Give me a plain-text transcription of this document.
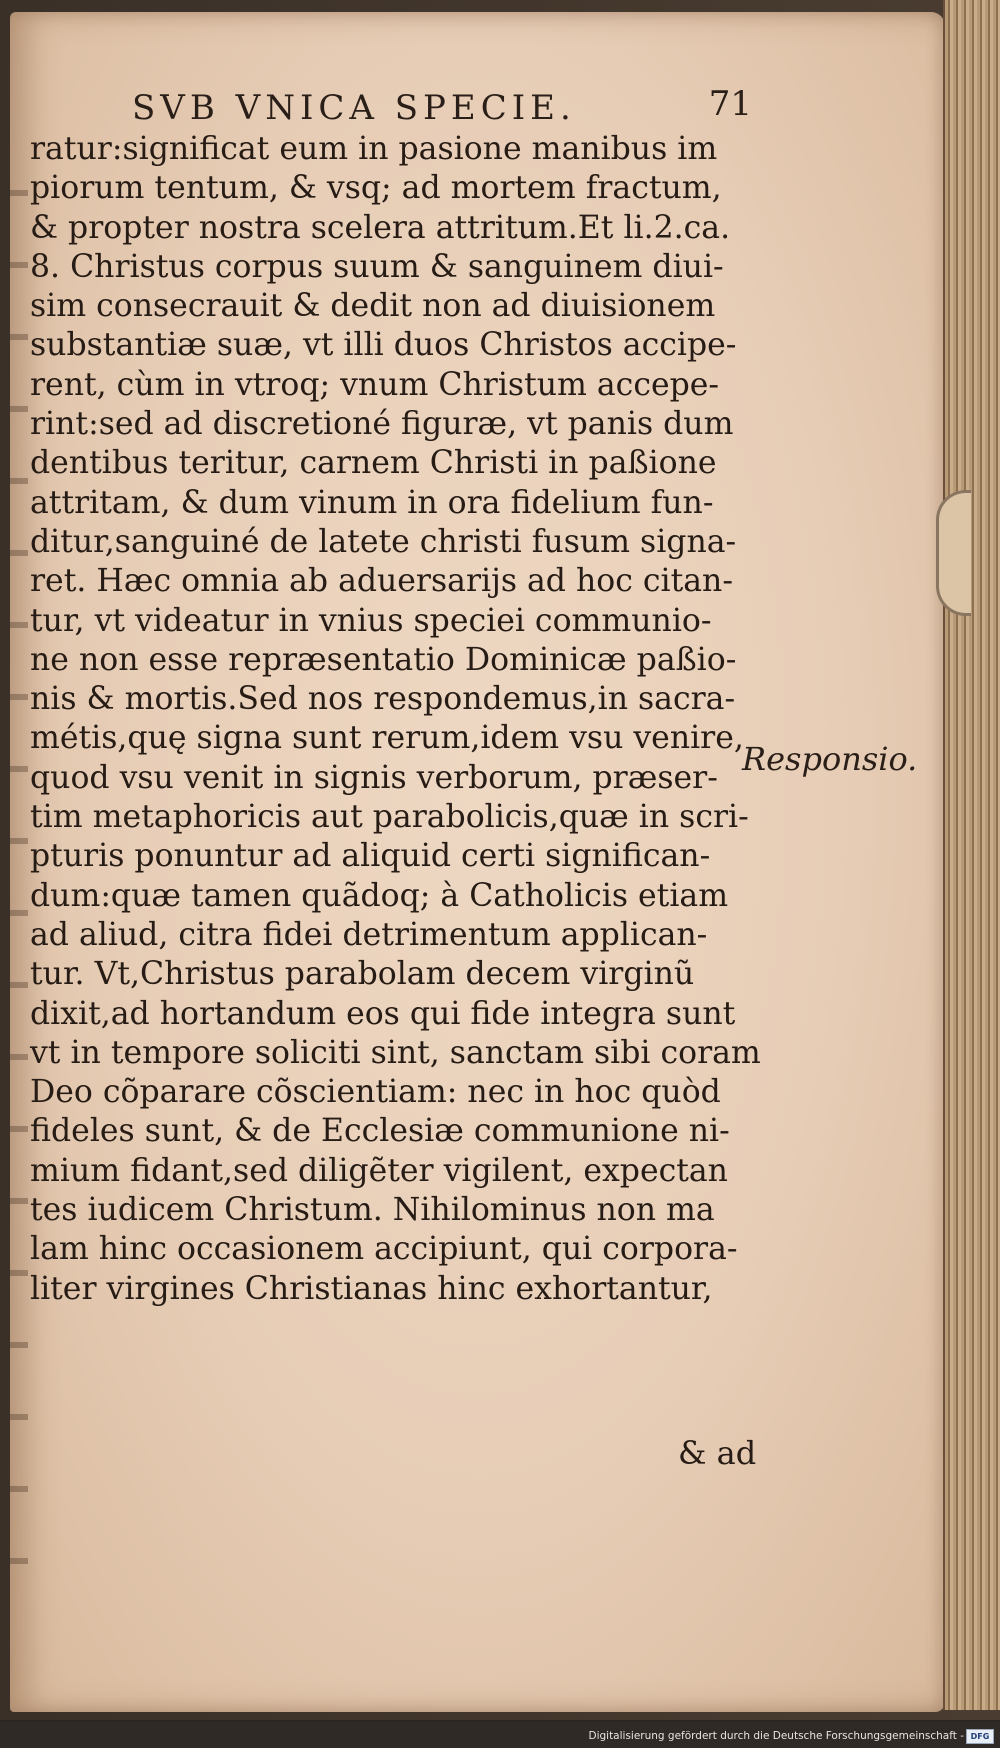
SVB VNICA SPECIE.	71
ratur:significat eum in pasione manibus im
piorum tentum, & vsq; ad mortem fractum,
& propter nostra scelera attritum.Et li.2.ca.
8. Christus corpus suum & sanguinem diui-
sim consecrauit & dedit non ad diuisionem
substantiæ suæ, vt illi duos Christos accipe-
rent, cùm in vtroq; vnum Christum accepe-
rint:sed ad discretioné figuræ, vt panis dum
dentibus teritur, carnem Christi in paßione
attritam, & dum vinum in ora fidelium fun-
ditur,sanguiné de latete christi fusum signa-
ret. Hæc omnia ab aduersarijs ad hoc citan-
tur, vt videatur in vnius speciei communio-
ne non esse repræsentatio Dominicæ paßio-
nis & mortis.Sed nos respondemus,in sacra-
métis,quę signa sunt rerum,idem vsu venire,
quod vsu venit in signis verborum, præser-
tim metaphoricis aut parabolicis,quæ in scri-
pturis ponuntur ad aliquid certi significan-
dum:quæ tamen quãdoq; à Catholicis etiam
ad aliud, citra fidei detrimentum applican-
tur. Vt,Christus parabolam decem virginũ
dixit,ad hortandum eos qui fide integra sunt
vt in tempore soliciti sint, sanctam sibi coram
Deo cõparare cõscientiam: nec in hoc quòd
fideles sunt, & de Ecclesiæ communione ni-
mium fidant,sed diligẽter vigilent, expectan
tes iudicem Christum. Nihilominus non ma
lam hinc occasionem accipiunt, qui corpora-
liter virgines Christianas hinc exhortantur,
Responsio.
& ad
Digitalisierung gefördert durch die Deutsche Forschungsgemeinschaft - DFG
